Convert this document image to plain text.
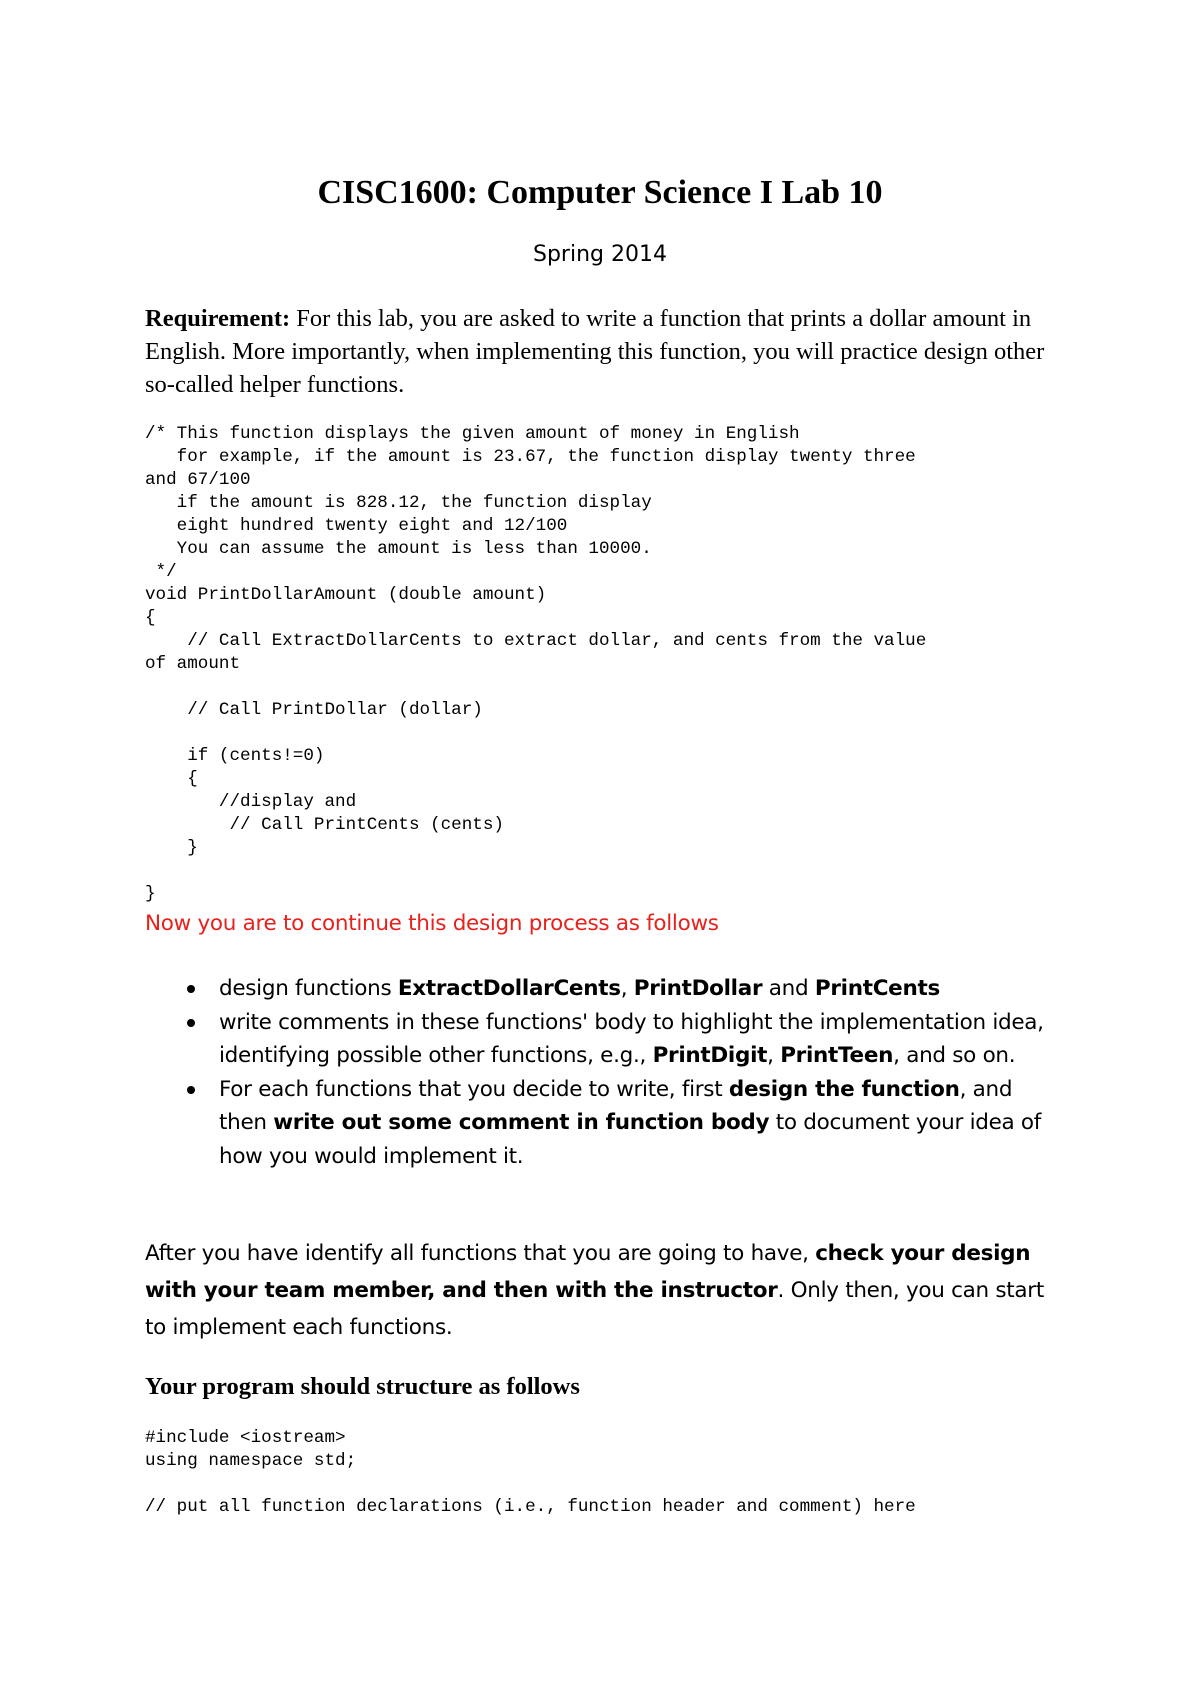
CISC1600: Computer Science I Lab 10
Spring 2014
Requirement: For this lab, you are asked to write a function that prints a dollar amount in English. More importantly, when implementing this function, you will practice design other so-called helper functions.
/* This function displays the given amount of money in English
for example, if the amount is 23.67, the function display twenty three
and 67/100
if the amount is 828.12, the function display
eight hundred twenty eight and 12/100
You can assume the amount is less than 10000.
*/
void PrintDollarAmount (double amount)
{
// Call ExtractDollarCents to extract dollar, and cents from the value
of amount

// Call PrintDollar (dollar)

if (cents!=0)
{
//display and
// Call PrintCents (cents)
}

}
Now you are to continue this design process as follows
design functions ExtractDollarCents, PrintDollar and PrintCents
write comments in these functions' body to highlight the implementation idea, identifying possible other functions, e.g., PrintDigit, PrintTeen, and so on.
For each functions that you decide to write, first design the function, and then write out some comment in function body to document your idea of how you would implement it.
After you have identify all functions that you are going to have, check your design with your team member, and then with the instructor. Only then, you can start to implement each functions.
Your program should structure as follows
#include <iostream>
using namespace std;

// put all function declarations (i.e., function header and comment) here
